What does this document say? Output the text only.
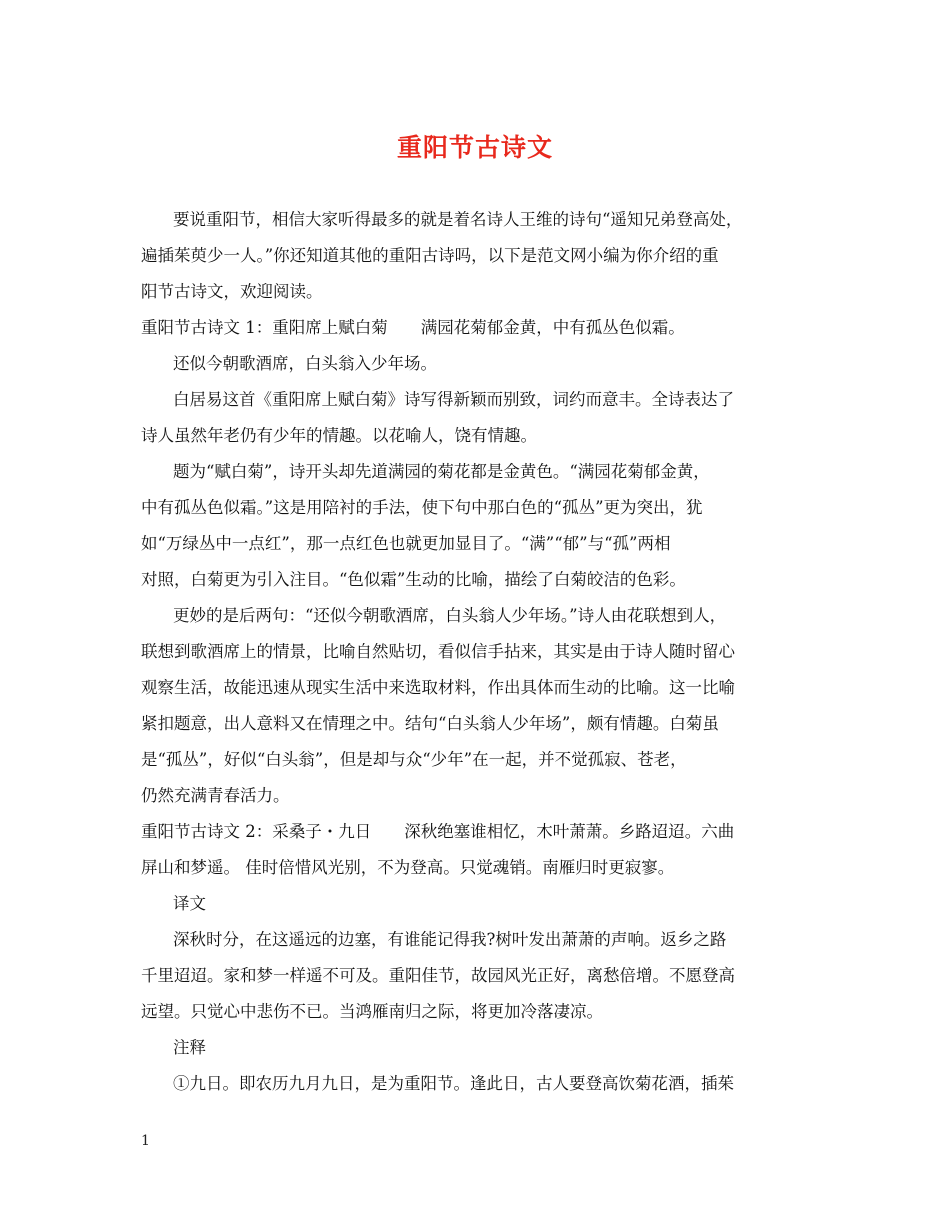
重阳节古诗文
要说重阳节，相信大家听得最多的就是着名诗人王维的诗句“遥知兄弟登高处，
遍插茱萸少一人。”你还知道其他的重阳古诗吗，以下是范文网小编为你介绍的重
阳节古诗文，欢迎阅读。
重阳节古诗文 1：重阳席上赋白菊　　满园花菊郁金黄，中有孤丛色似霜。
还似今朝歌酒席，白头翁入少年场。
白居易这首《重阳席上赋白菊》诗写得新颖而别致，词约而意丰。全诗表达了
诗人虽然年老仍有少年的情趣。以花喻人，饶有情趣。
题为“赋白菊”，诗开头却先道满园的菊花都是金黄色。“满园花菊郁金黄，
中有孤丛色似霜。”这是用陪衬的手法，使下句中那白色的“孤丛”更为突出，犹
如“万绿丛中一点红”，那一点红色也就更加显目了。“满”“郁”与“孤”两相
对照，白菊更为引入注目。“色似霜”生动的比喻，描绘了白菊皎洁的色彩。
更妙的是后两句：“还似今朝歌酒席，白头翁人少年场。”诗人由花联想到人，
联想到歌酒席上的情景，比喻自然贴切，看似信手拈来，其实是由于诗人随时留心
观察生活，故能迅速从现实生活中来选取材料，作出具体而生动的比喻。这一比喻
紧扣题意，出人意料又在情理之中。结句“白头翁人少年场”，颇有情趣。白菊虽
是“孤丛”，好似“白头翁”，但是却与众“少年”在一起，并不觉孤寂、苍老，
仍然充满青春活力。
重阳节古诗文 2：采桑子・九日　　深秋绝塞谁相忆，木叶萧萧。乡路迢迢。六曲
屏山和梦遥。 佳时倍惜风光别，不为登高。只觉魂销。南雁归时更寂寥。
译文
深秋时分，在这遥远的边塞，有谁能记得我?树叶发出萧萧的声响。返乡之路
千里迢迢。家和梦一样遥不可及。重阳佳节，故园风光正好，离愁倍增。不愿登高
远望。只觉心中悲伤不已。当鸿雁南归之际，将更加冷落凄凉。
注释
①九日。即农历九月九日，是为重阳节。逢此日，古人要登高饮菊花酒，插茱
1
